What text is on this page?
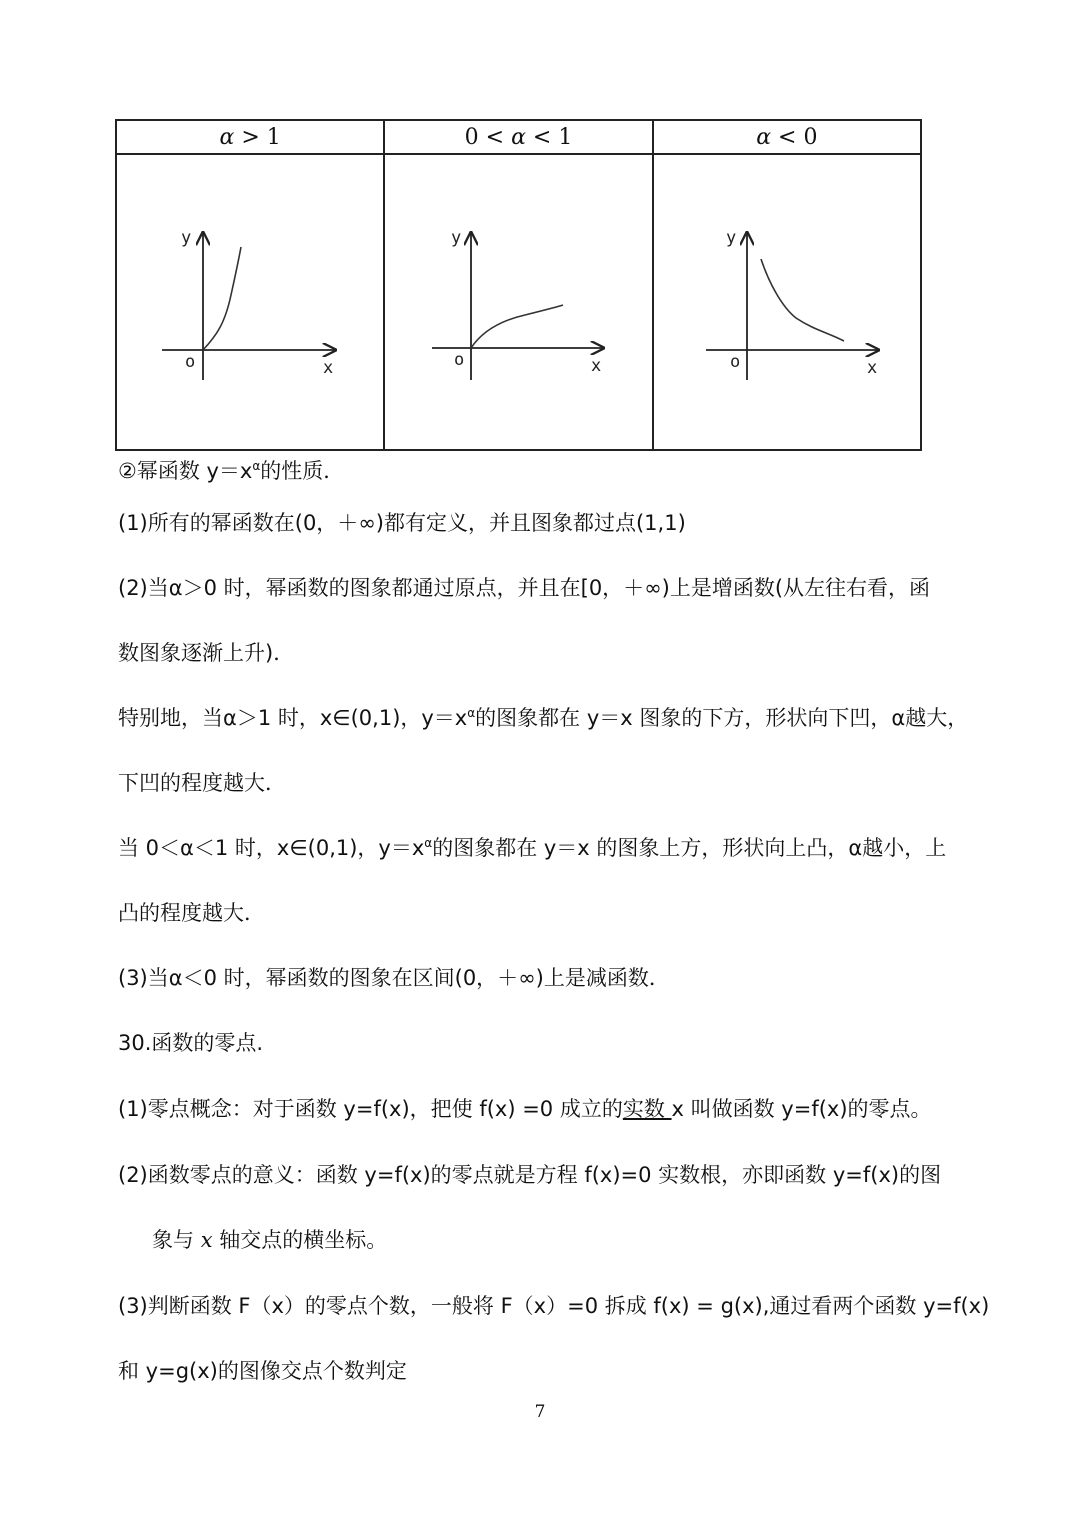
α > 1	0 < α < 1	α < 0

y
x
o	y
x
o	y
x
o
②幂函数 $y=x^\alpha$的性质．
(1)所有的幂函数在(0，＋∞)都有定义，并且图象都过点(1,1)
(2)当α＞0 时，幂函数的图象都通过原点，并且在[0，＋∞)上是增函数(从左往右看，函
数图象逐渐上升)．
特别地，当α＞1 时，x∈(0,1)，$y=x^\alpha$的图象都在 y＝x 图象的下方，形状向下凹，α越大，
下凹的程度越大．
当 0＜α＜1 时，x∈(0,1)，$y=x^\alpha$的图象都在 y＝x 的图象上方，形状向上凸，α越小，上
凸的程度越大．
(3)当α＜0 时，幂函数的图象在区间(0，＋∞)上是减函数．
30.函数的零点.
(1)零点概念：对于函数 y=f(x)，把使 f(x) =0 成立的实数 x 叫做函数 y=f(x)的零点。
(2)函数零点的意义：函数 y=f(x)的零点就是方程 f(x)=0 实数根，亦即函数 y=f(x)的图
象与 x 轴交点的横坐标。
(3)判断函数 F（x）的零点个数，一般将 F（x）=0 拆成 f(x) = g(x),通过看两个函数 y=f(x)
和 y=g(x)的图像交点个数判定
7
